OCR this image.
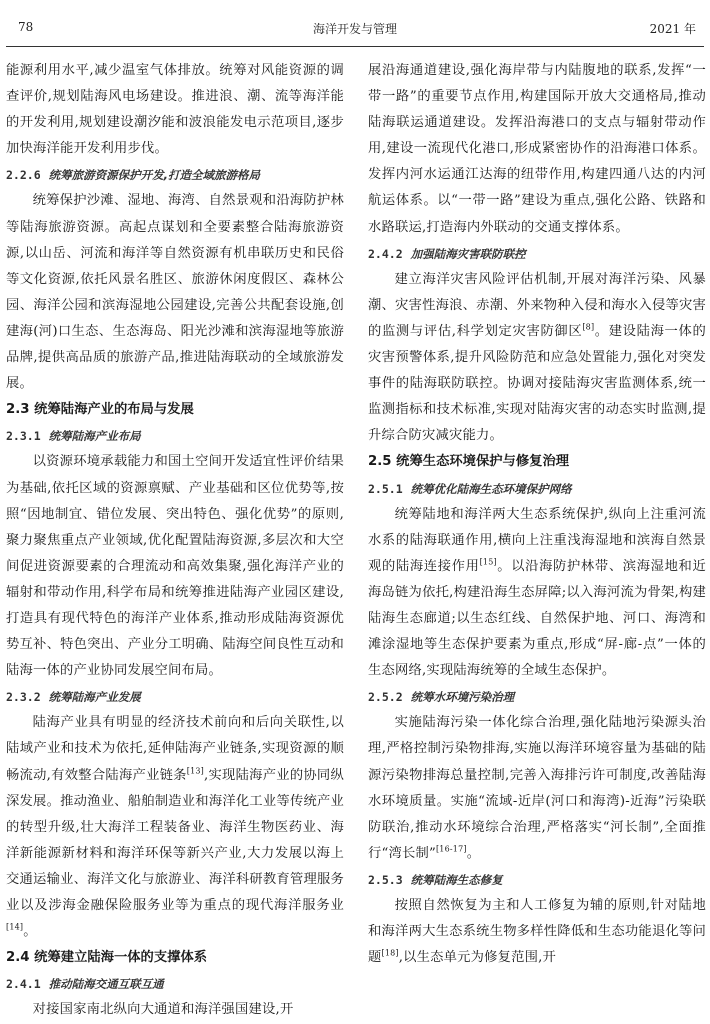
78	海洋开发与管理	2021 年

能源利用水平,减少温室气体排放。统筹对风能资源的调查评价,规划陆海风电场建设。推进浪、潮、流等海洋能的开发利用,规划建设潮汐能和波浪能发电示范项目,逐步加快海洋能开发利用步伐。

2.2.6 统筹旅游资源保护开发,打造全域旅游格局

统筹保护沙滩、湿地、海湾、自然景观和沿海防护林等陆海旅游资源。高起点谋划和全要素整合陆海旅游资源,以山岳、河流和海洋等自然资源有机串联历史和民俗等文化资源,依托风景名胜区、旅游休闲度假区、森林公园、海洋公园和滨海湿地公园建设,完善公共配套设施,创建海(河)口生态、生态海岛、阳光沙滩和滨海湿地等旅游品牌,提供高品质的旅游产品,推进陆海联动的全域旅游发展。

2.3 统筹陆海产业的布局与发展
2.3.1 统筹陆海产业布局

以资源环境承载能力和国土空间开发适宜性评价结果为基础,依托区域的资源禀赋、产业基础和区位优势等,按照“因地制宜、错位发展、突出特色、强化优势”的原则,聚力聚焦重点产业领域,优化配置陆海资源,多层次和大空间促进资源要素的合理流动和高效集聚,强化海洋产业的辐射和带动作用,科学布局和统筹推进陆海产业园区建设,打造具有现代特色的海洋产业体系,推动形成陆海资源优势互补、特色突出、产业分工明确、陆海空间良性互动和陆海一体的产业协同发展空间布局。

2.3.2 统筹陆海产业发展

陆海产业具有明显的经济技术前向和后向关联性,以陆域产业和技术为依托,延伸陆海产业链条,实现资源的顺畅流动,有效整合陆海产业链条[13],实现陆海产业的协同纵深发展。推动渔业、船舶制造业和海洋化工业等传统产业的转型升级,壮大海洋工程装备业、海洋生物医药业、海洋新能源新材料和海洋环保等新兴产业,大力发展以海上交通运输业、海洋文化与旅游业、海洋科研教育管理服务业以及涉海金融保险服务业等为重点的现代海洋服务业[14]。

2.4 统筹建立陆海一体的支撑体系
2.4.1 推动陆海交通互联互通

对接国家南北纵向大通道和海洋强国建设,开

展沿海通道建设,强化海岸带与内陆腹地的联系,发挥“一带一路”的重要节点作用,构建国际开放大交通格局,推动陆海联运通道建设。发挥沿海港口的支点与辐射带动作用,建设一流现代化港口,形成紧密协作的沿海港口体系。发挥内河水运通江达海的纽带作用,构建四通八达的内河航运体系。以“一带一路”建设为重点,强化公路、铁路和水路联运,打造海内外联动的交通支撑体系。

2.4.2 加强陆海灾害联防联控

建立海洋灾害风险评估机制,开展对海洋污染、风暴潮、灾害性海浪、赤潮、外来物种入侵和海水入侵等灾害的监测与评估,科学划定灾害防御区[8]。建设陆海一体的灾害预警体系,提升风险防范和应急处置能力,强化对突发事件的陆海联防联控。协调对接陆海灾害监测体系,统一监测指标和技术标准,实现对陆海灾害的动态实时监测,提升综合防灾减灾能力。

2.5 统筹生态环境保护与修复治理
2.5.1 统筹优化陆海生态环境保护网络

统筹陆地和海洋两大生态系统保护,纵向上注重河流水系的陆海联通作用,横向上注重浅海湿地和滨海自然景观的陆海连接作用[15]。以沿海防护林带、滨海湿地和近海岛链为依托,构建沿海生态屏障;以入海河流为骨架,构建陆海生态廊道;以生态红线、自然保护地、河口、海湾和滩涂湿地等生态保护要素为重点,形成“屏-廊-点”一体的生态网络,实现陆海统筹的全域生态保护。

2.5.2 统筹水环境污染治理

实施陆海污染一体化综合治理,强化陆地污染源头治理,严格控制污染物排海,实施以海洋环境容量为基础的陆源污染物排海总量控制,完善入海排污许可制度,改善陆海水环境质量。实施“流域-近岸(河口和海湾)-近海”污染联防联治,推动水环境综合治理,严格落实“河长制”,全面推行“湾长制”[16-17]。

2.5.3 统筹陆海生态修复

按照自然恢复为主和人工修复为辅的原则,针对陆地和海洋两大生态系统生物多样性降低和生态功能退化等问题[18],以生态单元为修复范围,开
